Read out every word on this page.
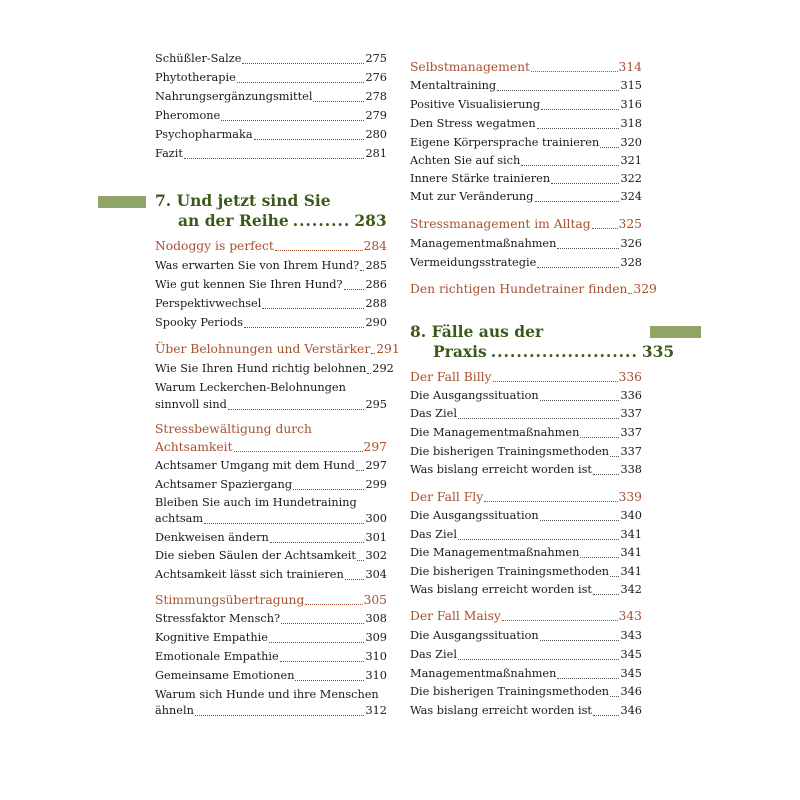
Schüßler-Salze	275
Phytotherapie	276
Nahrungsergänzungsmittel	278
Pheromone	279
Psychopharmaka	280
Fazit	281
7. Und jetzt sind Sie
an der Reihe ......... 283
Nodoggy is perfect	284
Was erwarten Sie von Ihrem Hund? 285
Wie gut kennen Sie Ihren Hund? 286
Perspektivwechsel	288
Spooky Periods	290
Über Belohnungen und Verstärker 291
Wie Sie Ihren Hund richtig belohnen 292
Warum Leckerchen-Belohnungen
sinnvoll sind	295
Stressbewältigung durch
Achtsamkeit	297
Achtsamer Umgang mit dem Hund 297
Achtsamer Spaziergang	299
Bleiben Sie auch im Hundetraining
achtsam	300
Denkweisen ändern	301
Die sieben Säulen der Achtsamkeit 302
Achtsamkeit lässt sich trainieren 304
Stimmungsübertragung	305
Stressfaktor Mensch?	308
Kognitive Empathie	309
Emotionale Empathie	310
Gemeinsame Emotionen	310
Warum sich Hunde und ihre Menschen
ähneln	312
Selbstmanagement	314
Mentaltraining	315
Positive Visualisierung	316
Den Stress wegatmen	318
Eigene Körpersprache trainieren 320
Achten Sie auf sich	321
Innere Stärke trainieren	322
Mut zur Veränderung	324
Stressmanagement im Alltag 325
Managementmaßnahmen	326
Vermeidungsstrategie	328
Den richtigen Hundetrainer finden 329
8. Fälle aus der
Praxis ....................... 335
Der Fall Billy	336
Die Ausgangssituation	336
Das Ziel	337
Die Managementmaßnahmen	337
Die bisherigen Trainingsmethoden 337
Was bislang erreicht worden ist	338
Der Fall Fly	339
Die Ausgangssituation	340
Das Ziel	341
Die Managementmaßnahmen	341
Die bisherigen Trainingsmethoden 341
Was bislang erreicht worden ist	342
Der Fall Maisy	343
Die Ausgangssituation	343
Das Ziel	345
Managementmaßnahmen	345
Die bisherigen Trainingsmethoden 346
Was bislang erreicht worden ist	346
